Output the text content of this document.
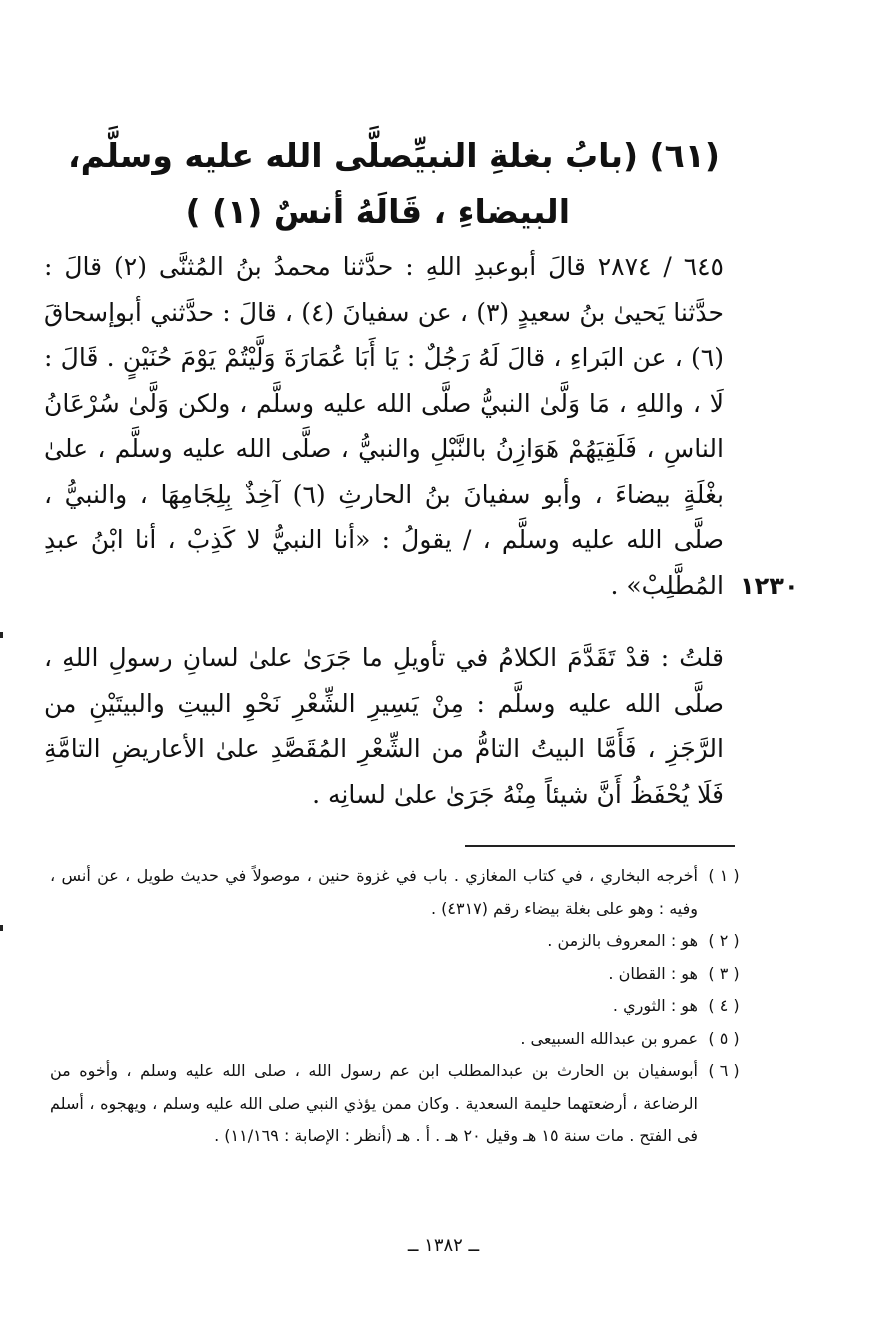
(٦١) (بابُ بغلةِ النبيِّصلَّى الله عليه وسلَّم،
البيضاءِ ، قَالَهُ أنسٌ (١) )
٦٤٥ / ٢٨٧٤ قالَ أبوعبدِ اللهِ : حدَّثنا محمدُ بنُ المُثنَّى (٢) قالَ : حدَّثنا يَحيىٰ بنُ سعيدٍ (٣) ، عن سفيانَ (٤) ، قالَ : حدَّثني أبوإسحاقَ (٦) ، عن البَراءِ ، قالَ لَهُ رَجُلٌ : يَا أَبَا عُمَارَةَ وَلَّيْتُمْ يَوْمَ حُنَيْنٍ . قَالَ : لَا ، واللهِ ، مَا وَلَّىٰ النبيُّ صلَّى الله عليه وسلَّم ، ولكن وَلَّىٰ سُرْعَانُ الناسِ ، فَلَقِيَهُمْ هَوَازِنُ بالنَّبْلِ والنبيُّ ، صلَّى الله عليه وسلَّم ، علىٰ بغْلَةٍ بيضاءَ ، وأبو سفيانَ بنُ الحارثِ (٦) آخِذٌ بِلِجَامِهَا ، والنبيُّ ، صلَّى الله عليه وسلَّم ، / يقولُ : «أنا النبيُّ لا كَذِبْ ، أنا ابْنُ عبدِ المُطَّلِبْ» . ١٢٣٠
قلتُ : قدْ تَقَدَّمَ الكلامُ في تأويلِ ما جَرَىٰ علىٰ لسانِ رسولِ اللهِ ، صلَّى الله عليه وسلَّم : مِنْ يَسِيرِ الشِّعْرِ نَحْوِ البيتِ والبيتَيْنِ من الرَّجَزِ ، فَأَمَّا البيتُ التامُّ من الشِّعْرِ المُقَصَّدِ علىٰ الأعاريضِ التامَّةِ فَلَا يُحْفَظُ أَنَّ شيئاً مِنْهُ جَرَىٰ علىٰ لسانِه .
( ١ )
أخرجه البخاري ، في كتاب المغازي . باب في غزوة حنين ، موصولاً في حديث طويل ، عن أنس ، وفيه : وهو على بغلة بيضاء رقم (٤٣١٧) .
( ٢ )
هو : المعروف بالزمن .
( ٣ )
هو : القطان .
( ٤ )
هو : الثوري .
( ٥ )
عمرو بن عبدالله السبيعى .
( ٦ )
أبوسفيان بن الحارث بن عبدالمطلب ابن عم رسول الله ، صلى الله عليه وسلم ، وأخوه من الرضاعة ، أرضعتهما حليمة السعدية . وكان ممن يؤذي النبي صلى الله عليه وسلم ، ويهجوه ، أسلم فى الفتح . مات سنة ١٥ هـ وقيل ٢٠ هـ . أ . هـ (أنظر : الإصابة : ١١/١٦٩) .
ــ ١٣٨٢ ــ
